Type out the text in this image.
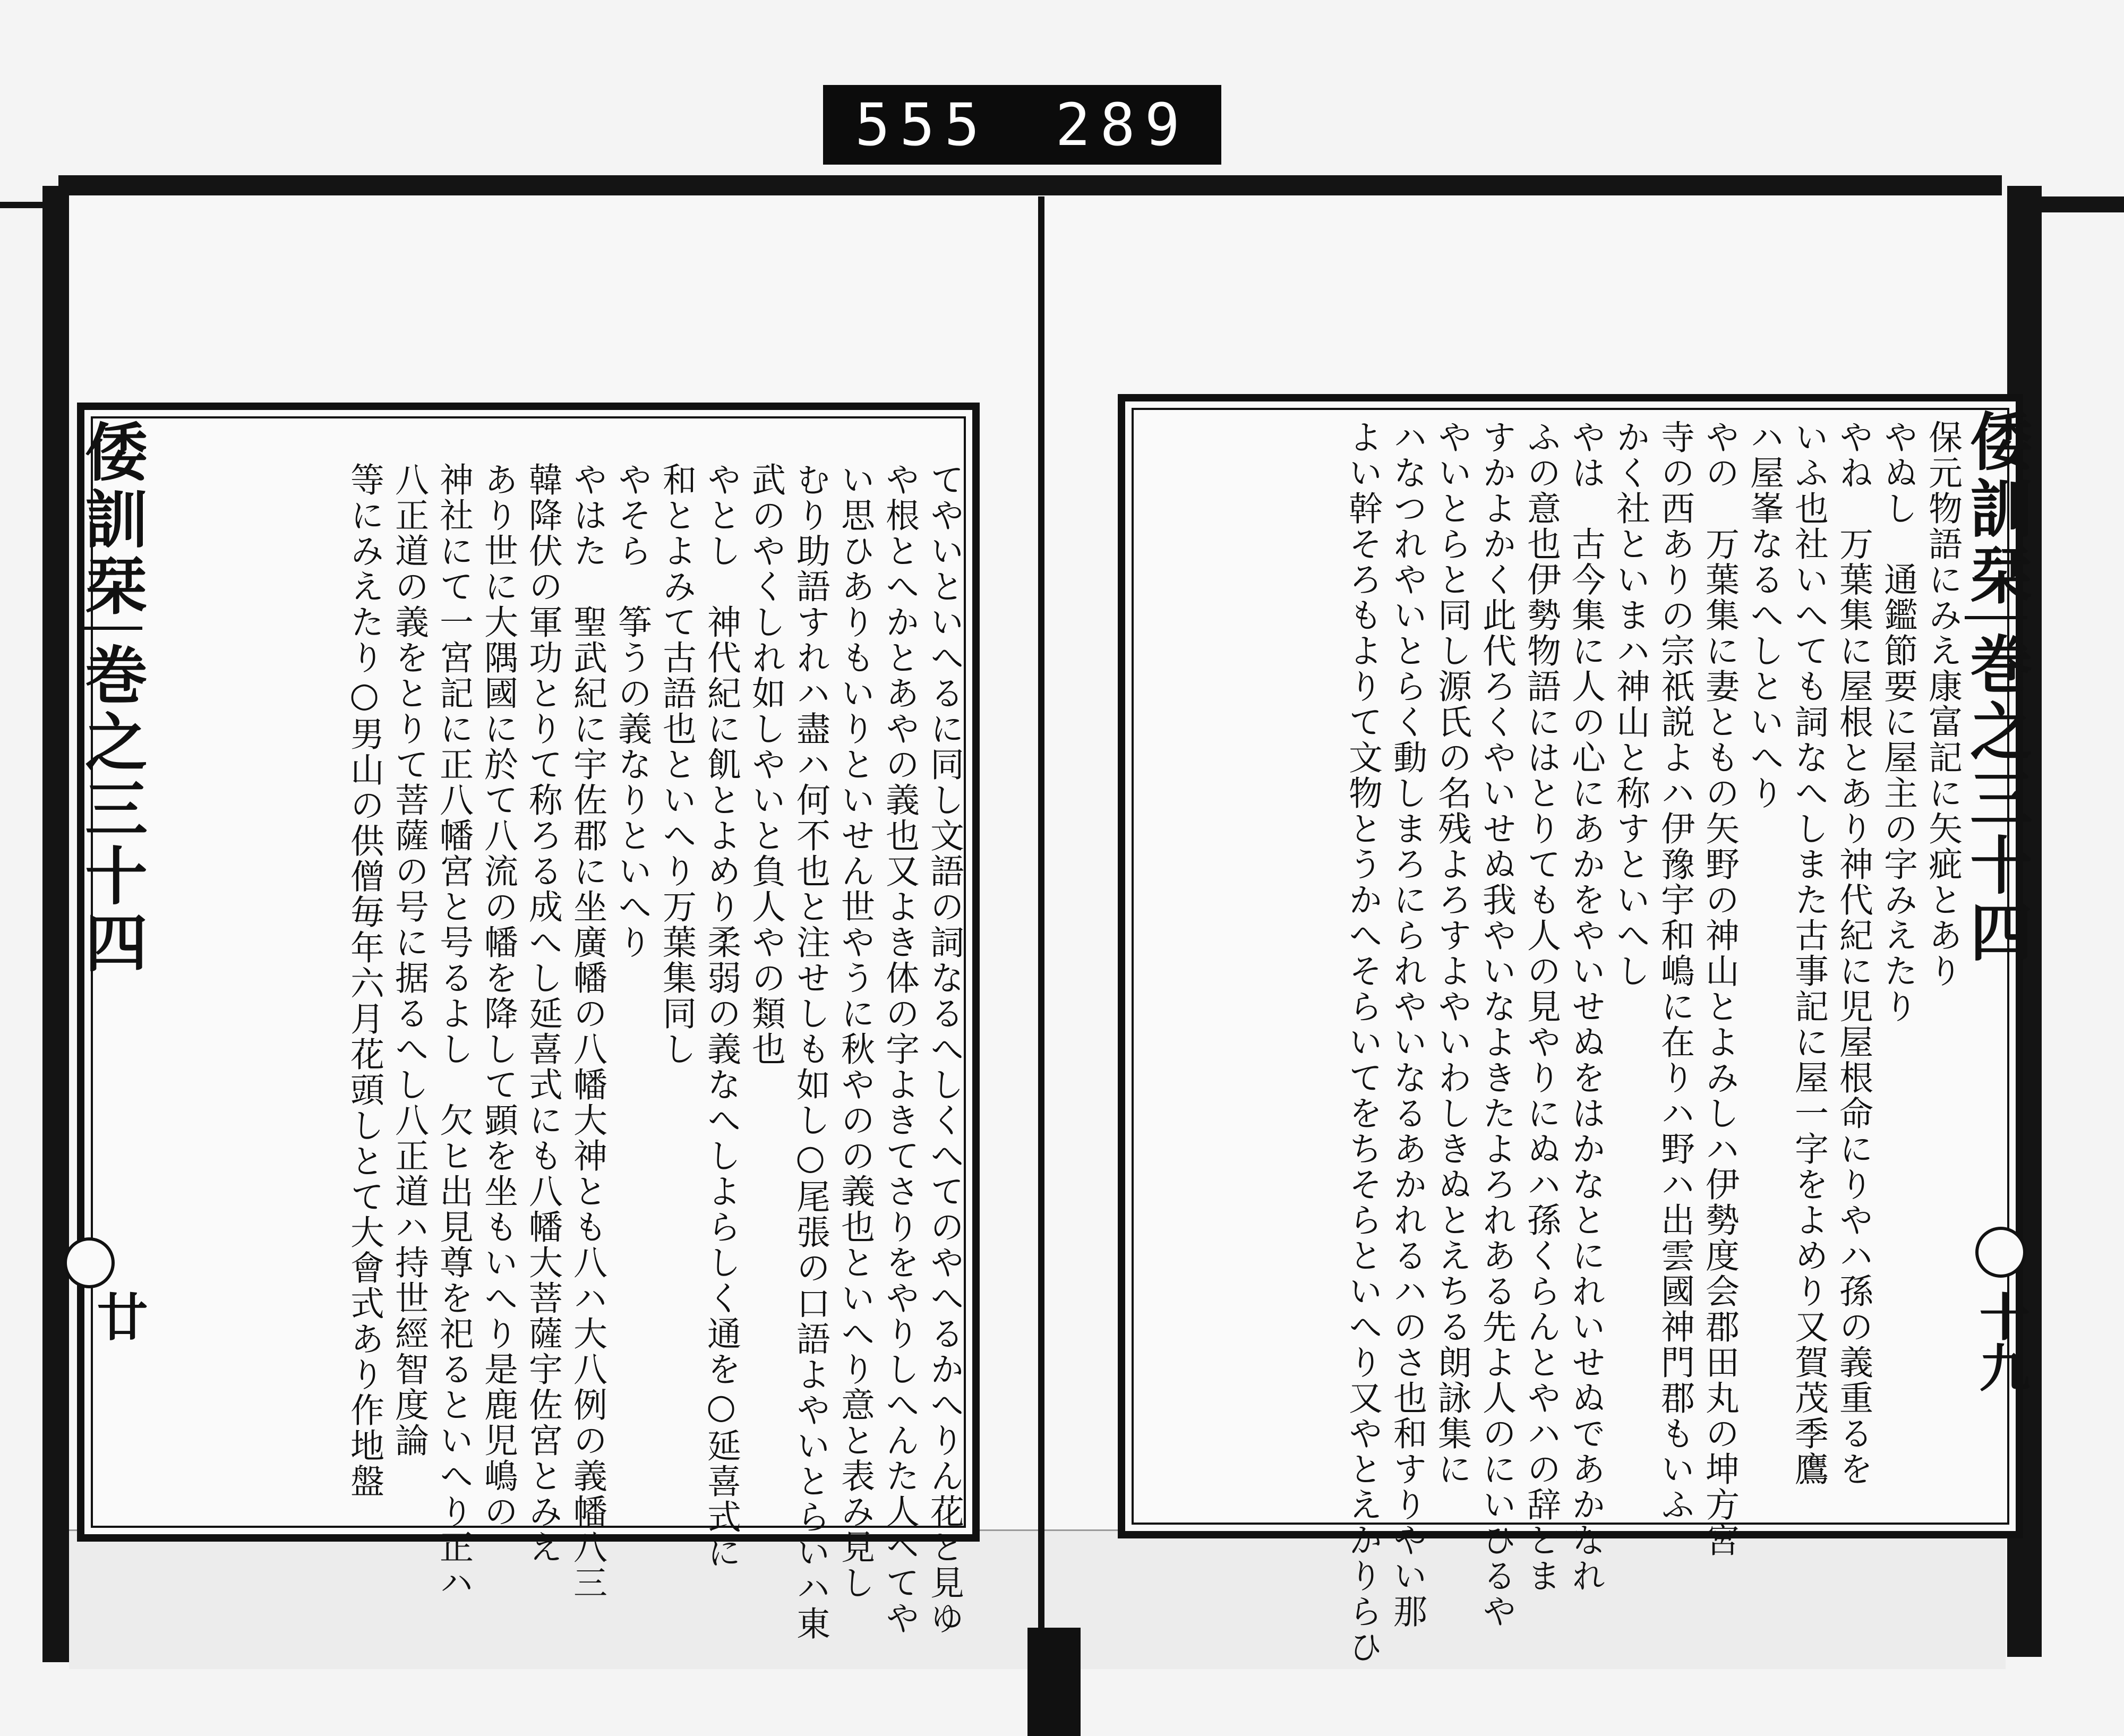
555 289
倭訓栞
巻之三十四
廿	てやいといへるに同し文語の詞なるへしくへてのやへるかへりん花と見ゆ
や根とへかとあやの義也又よき体の字よきてさりをやりしへんた人ヘてや
い思ひありもいりといせん世やうに秋やのの義也といへり意と表み見し
むり助語すれハ盡ハ何不也と注せしも如し○尾張の口語よやいとらいハ東
武のやくしれ如しやいと負人やの類也
やとし　神代紀に飢とよめり柔弱の義なへしよらしく通を○延喜式に
和とよみて古語也といへり万葉集同し
やそら　筝うの義なりといへり
やはた　聖武紀に宇佐郡に坐廣幡の八幡大神とも八ハ大八例の義幡八三
韓降伏の軍功とりて称ろる成へし延喜式にも八幡大菩薩宇佐宮とみえ
あり世に大隅國に於て八流の幡を降して顕を坐もいへり是鹿児嶋の
神社にて一宮記に正八幡宮と号るよし　欠ヒ出見尊を祀るといへり正ハ
八正道の義をとりて菩薩の号に据るへし八正道ハ持世經智度論
等にみえたり○男山の供僧毎年六月花頭しとて大會式あり作地盤	倭訓栞
巻之三十四
十九
保元物語にみえ康富記に矢疵とあり
やぬし　通鑑節要に屋主の字みえたり
やね　万葉集に屋根とあり神代紀に児屋根命にりやハ孫の義重るを
いふ也社いへても詞なへしまた古事記に屋一字をよめり又賀茂季鷹
ハ屋峯なるへしといへり
やの　万葉集に妻ともの矢野の神山とよみしハ伊勢度会郡田丸の坤方宮
寺の西ありの宗祇説よハ伊豫宇和嶋に在りハ野ハ出雲國神門郡もいふ
かく社といまハ神山と称すといへし
やは　古今集に人の心にあかをやいせぬをはかなとにれいせぬであかなれ
ふの意也伊勢物語にはとりても人の見やりにぬハ孫くらんとやハの辞とま
すかよかく此代ろくやいせぬ我やいなよきたよろれある先よ人のにいひるや
やいとらと同し源氏の名残よろすよやいわしきぬとえちる朗詠集に
ハなつれやいとらく動しまろにられやいなるあかれるハのさ也和すりやい那
よい幹そろもよりて文物とうかへそらいてをちそらといへり又やとえかりらひ
